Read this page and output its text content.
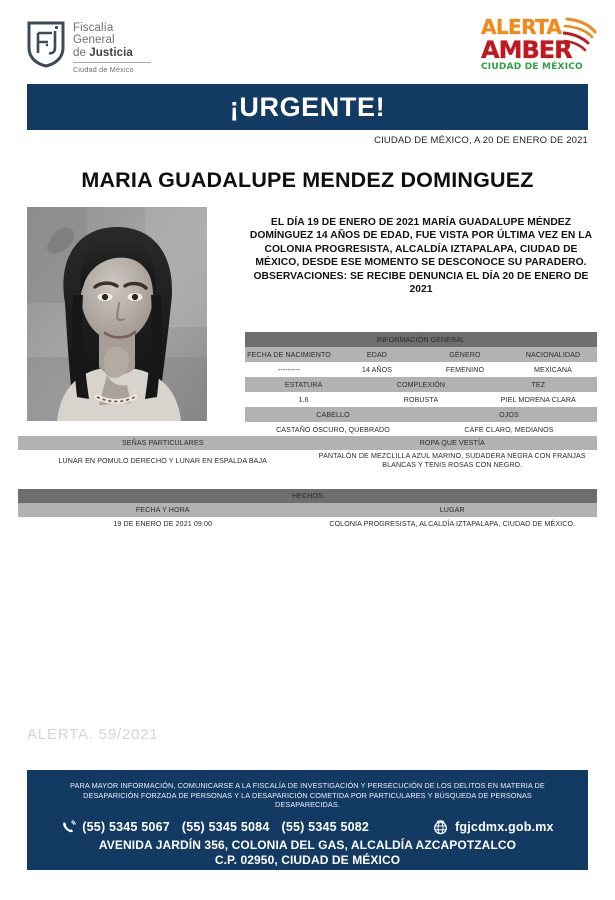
Fiscalía
General
de Justicia
Ciudad de México
ALERTA
AMBER
CIUDAD DE MÉXICO
¡URGENTE!
CIUDAD DE MÉXICO, A 20 DE ENERO DE 2021
MARIA GUADALUPE MENDEZ DOMINGUEZ
EL DÍA 19 DE ENERO DE 2021 MARÍA GUADALUPE MÉNDEZ DOMÍNGUEZ 14 AÑOS DE EDAD, FUE VISTA POR ÚLTIMA VEZ EN LA COLONIA PROGRESISTA, ALCALDÍA IZTAPALAPA, CIUDAD DE MÉXICO, DESDE ESE MOMENTO SE DESCONOCE SU PARADERO. OBSERVACIONES: SE RECIBE DENUNCIA EL DÍA 20 DE ENERO DE 2021
INFORMACIÓN GENERAL					
FECHA DE NACIMIENTO	EDAD		GÉNERO		NACIONALIDAD
---------	14 AÑOS		FEMENINO		MEXICANA
ESTATURA		COMPLEXIÓN		TEZ	
1.6		ROBUSTA		PIEL MORENA CLARA	
CABELLO			OJOS		
CASTAÑO OSCURO, QUEBRADO			CAFE CLARO, MEDIANOS		
SEÑAS PARTICULARES	ROPA QUE VESTÍA
LUNAR EN POMULO DERECHO Y LUNAR EN ESPALDA BAJA	PANTALÓN DE MEZCLILLA AZUL MARINO, SUDADERA NEGRA CON FRANJAS BLANCAS Y TENIS ROSAS CON NEGRO.
HECHOS	
FECHA Y HORA	LUGAR
19 DE ENERO DE 2021 09:00	COLONIA PROGRESISTA, ALCALDÍA IZTAPALAPA, CIUDAD DE MÉXICO.
ALERTA. 59/2021
PARA MAYOR INFORMACIÓN, COMUNICARSE A LA FISCALÍA DE INVESTIGACIÓN Y PERSECUCIÓN DE LOS DELITOS EN MATERIA DE DESAPARICIÓN FORZADA DE PERSONAS Y LA DESAPARICIÓN COMETIDA POR PARTICULARES Y BÚSQUEDA DE PERSONAS DESAPARECIDAS.
(55) 5345 5067 (55) 5345 5084 (55) 5345 5082	fgjcdmx.gob.mx
AVENIDA JARDÍN 356, COLONIA DEL GAS, ALCALDÍA AZCAPOTZALCO
C.P. 02950, CIUDAD DE MÉXICO
